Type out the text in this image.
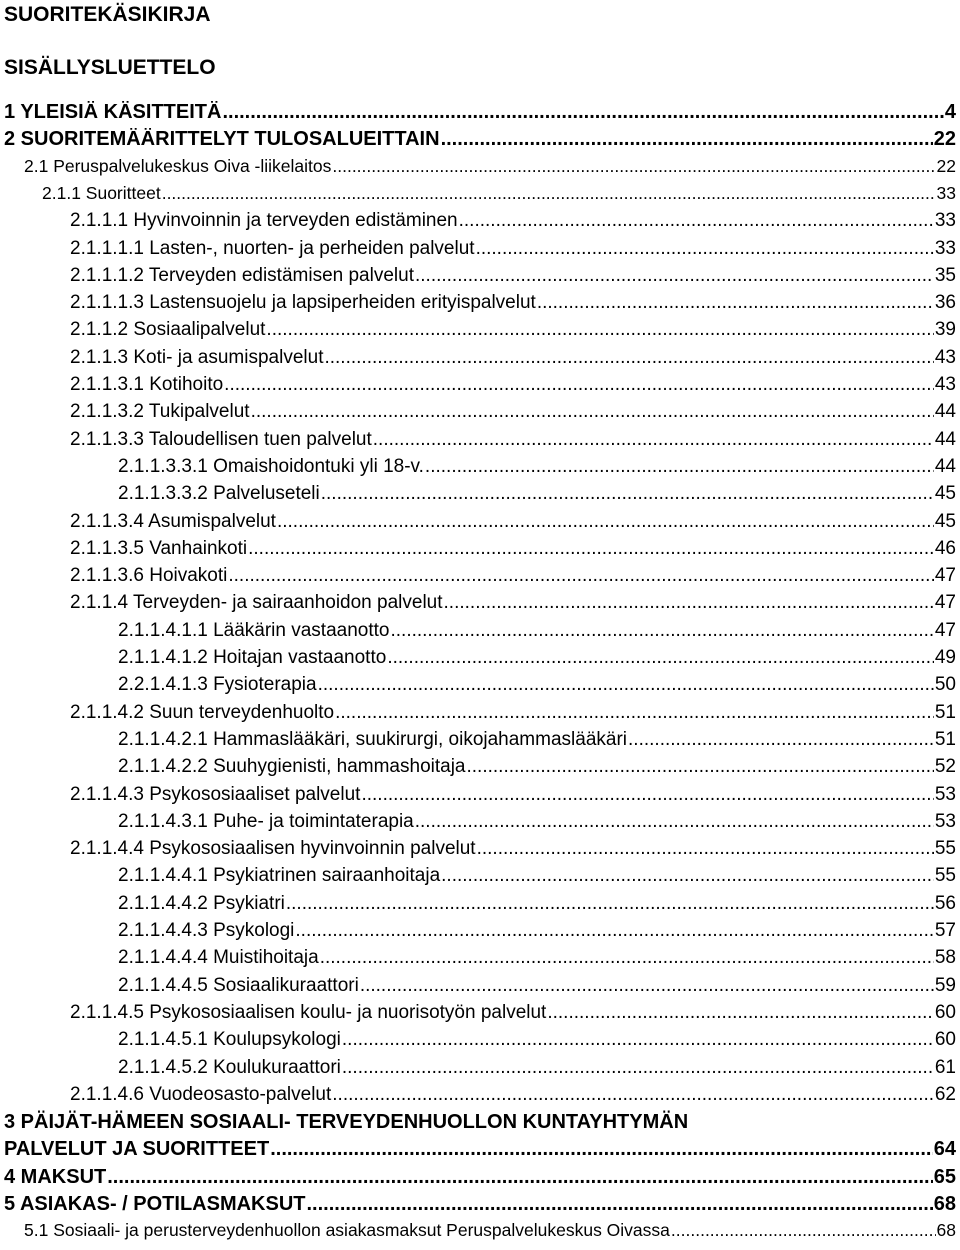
SUORITEKÄSIKIRJA
SISÄLLYSLUETTELO
1 YLEISIÄ KÄSITTEITÄ .....	4
2 SUORITEMÄÄRITTELYT TULOSALUEITTAIN .....	22
2.1 Peruspalvelukeskus Oiva -liikelaitos .....	22
2.1.1 Suoritteet .....	33
2.1.1.1 Hyvinvoinnin ja terveyden edistäminen .....	33
2.1.1.1.1 Lasten-, nuorten- ja perheiden palvelut .....	33
2.1.1.1.2 Terveyden edistämisen palvelut .....	35
2.1.1.1.3 Lastensuojelu ja lapsiperheiden erityispalvelut .....	36
2.1.1.2 Sosiaalipalvelut .....	39
2.1.1.3 Koti- ja asumispalvelut .....	43
2.1.1.3.1 Kotihoito .....	43
2.1.1.3.2 Tukipalvelut .....	44
2.1.1.3.3 Taloudellisen tuen palvelut .....	44
2.1.1.3.3.1 Omaishoidontuki yli 18-v. .....	44
2.1.1.3.3.2 Palveluseteli .....	45
2.1.1.3.4 Asumispalvelut .....	45
2.1.1.3.5 Vanhainkoti .....	46
2.1.1.3.6 Hoivakoti .....	47
2.1.1.4 Terveyden- ja sairaanhoidon palvelut .....	47
2.1.1.4.1.1 Lääkärin vastaanotto .....	47
2.1.1.4.1.2 Hoitajan vastaanotto .....	49
2.2.1.4.1.3 Fysioterapia .....	50
2.1.1.4.2 Suun terveydenhuolto .....	51
2.1.1.4.2.1 Hammaslääkäri, suukirurgi, oikojahammaslääkäri .....	51
2.1.1.4.2.2 Suuhygienisti, hammashoitaja .....	52
2.1.1.4.3 Psykososiaaliset palvelut .....	53
2.1.1.4.3.1 Puhe- ja toimintaterapia .....	53
2.1.1.4.4 Psykososiaalisen hyvinvoinnin palvelut .....	55
2.1.1.4.4.1 Psykiatrinen sairaanhoitaja .....	55
2.1.1.4.4.2 Psykiatri .....	56
2.1.1.4.4.3 Psykologi .....	57
2.1.1.4.4.4 Muistihoitaja .....	58
2.1.1.4.4.5 Sosiaalikuraattori .....	59
2.1.1.4.5 Psykososiaalisen koulu- ja nuorisotyön palvelut .....	60
2.1.1.4.5.1 Koulupsykologi .....	60
2.1.1.4.5.2 Koulukuraattori .....	61
2.1.1.4.6 Vuodeosasto-palvelut .....	62
3 PÄIJÄT-HÄMEEN SOSIAALI- TERVEYDENHUOLLON KUNTAYHTYMÄN
PALVELUT JA SUORITTEET .....	64
4 MAKSUT .....	65
5 ASIAKAS- / POTILASMAKSUT .....	68
5.1 Sosiaali- ja perusterveydenhuollon asiakasmaksut Peruspalvelukeskus Oivassa .....	68
